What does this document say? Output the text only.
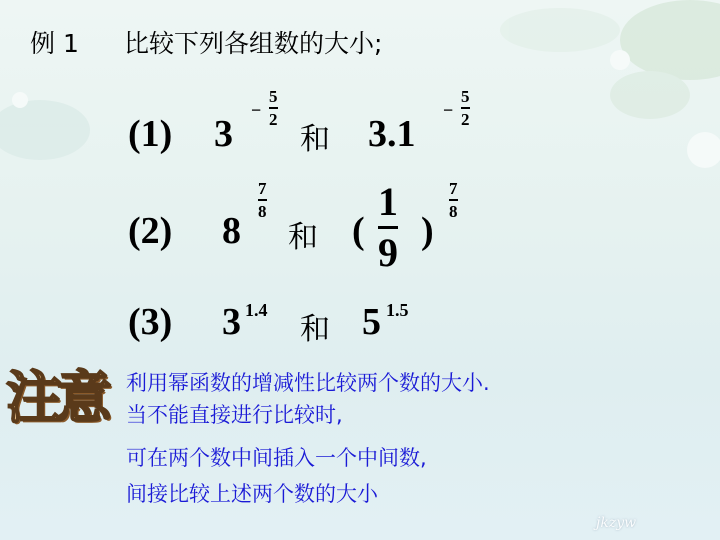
例 1 比较下列各组数的大小;
(1) 3
−
5
2
和 3.1
−
5
2
(2) 8
7
8
和 (
1
9 )
7
8
(3) 3 1.4
和 5 1.5
注意 利用幂函数的增减性比较两个数的大小.
当不能直接进行比较时,
可在两个数中间插入一个中间数,
间接比较上述两个数的大小
jkzyw
